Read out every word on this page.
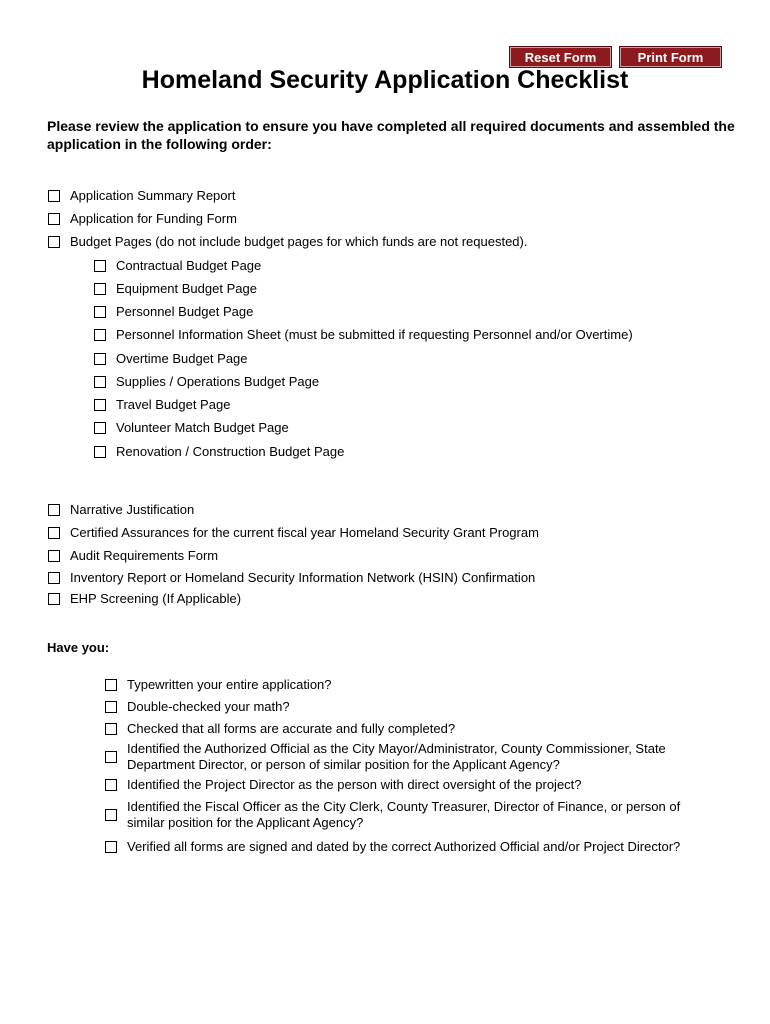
Reset Form	Print Form
Homeland Security Application Checklist
Please review the application to ensure you have completed all required documents and assembled the application in the following order:
Application Summary Report
Application for Funding Form
Budget Pages (do not include budget pages for which funds are not requested).
Contractual Budget Page
Equipment Budget Page
Personnel Budget Page
Personnel Information Sheet (must be submitted if requesting Personnel and/or Overtime)
Overtime Budget Page
Supplies / Operations Budget Page
Travel Budget Page
Volunteer Match Budget Page
Renovation / Construction Budget Page
Narrative Justification
Certified Assurances for the current fiscal year Homeland Security Grant Program
Audit Requirements Form
Inventory Report or Homeland Security Information Network (HSIN) Confirmation
EHP Screening (If Applicable)
Have you:
Typewritten your entire application?
Double-checked your math?
Checked that all forms are accurate and fully completed?
Identified the Authorized Official as the City Mayor/Administrator, County Commissioner, State Department Director, or person of similar position for the Applicant Agency?
Identified the Project Director as the person with direct oversight of the project?
Identified the Fiscal Officer as the City Clerk, County Treasurer, Director of Finance, or person of similar position for the Applicant Agency?
Verified all forms are signed and dated by the correct Authorized Official and/or Project Director?
